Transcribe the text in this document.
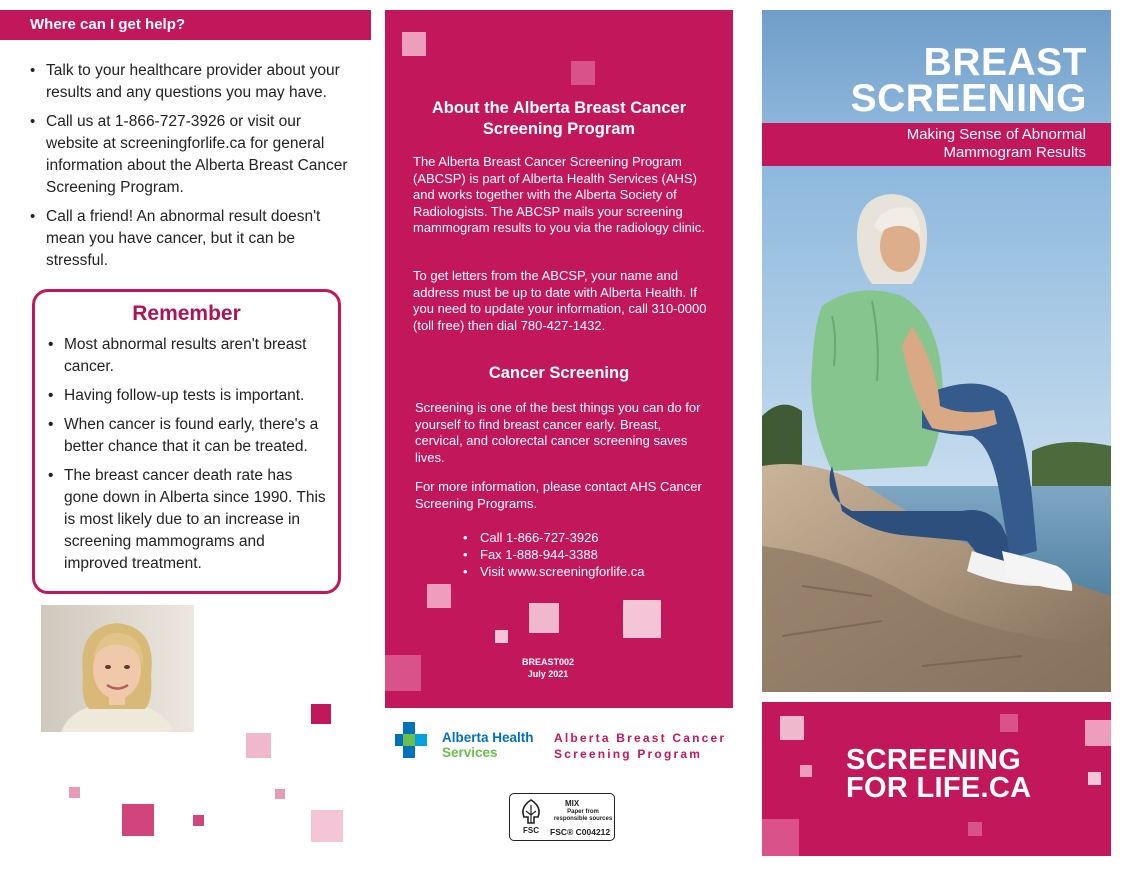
Where can I get help?
• Talk to your healthcare provider about your results and any questions you may have.
• Call us at 1-866-727-3926 or visit our website at screeningforlife.ca for general information about the Alberta Breast Cancer Screening Program.
• Call a friend! An abnormal result doesn't mean you have cancer, but it can be stressful.
Remember
• Most abnormal results aren't breast cancer.
• Having follow-up tests is important.
• When cancer is found early, there's a better chance that it can be treated.
• The breast cancer death rate has gone down in Alberta since 1990. This is most likely due to an increase in screening mammograms and improved treatment.
About the Alberta Breast Cancer Screening Program
The Alberta Breast Cancer Screening Program (ABCSP) is part of Alberta Health Services (AHS) and works together with the Alberta Society of Radiologists. The ABCSP mails your screening mammogram results to you via the radiology clinic.
To get letters from the ABCSP, your name and address must be up to date with Alberta Health. If you need to update your information, call 310-0000 (toll free) then dial 780-427-1432.
Cancer Screening
Screening is one of the best things you can do for yourself to find breast cancer early. Breast, cervical, and colorectal cancer screening saves lives.
For more information, please contact AHS Cancer Screening Programs.
• Call 1-866-727-3926
• Fax 1-888-944-3388
• Visit www.screeningforlife.ca
BREAST002
July 2021
Alberta Health
Services
Alberta Breast Cancer
Screening Program
FSC
MIX
Paper from responsible sources
FSC® C004212
BREAST
SCREENING
Making Sense of Abnormal
Mammogram Results
SCREENING
FOR LIFE.CA
